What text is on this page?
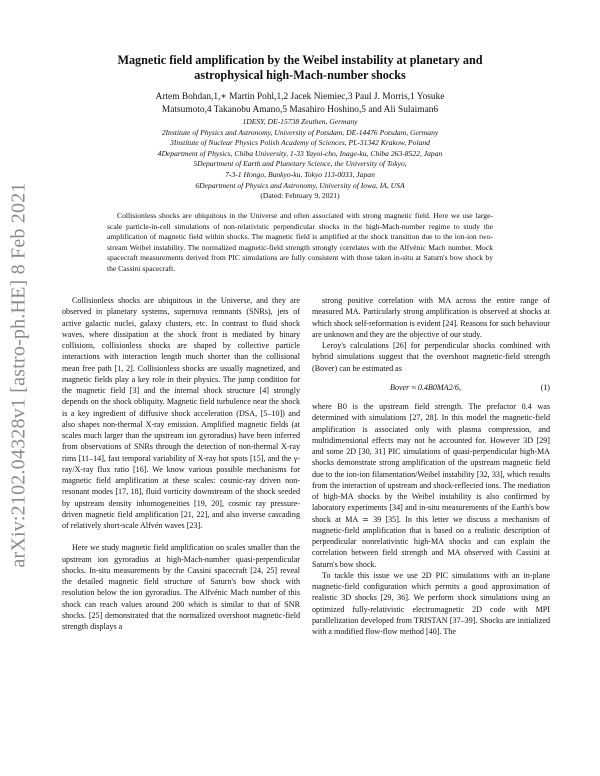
arXiv:2102.04328v1 [astro-ph.HE] 8 Feb 2021
Magnetic field amplification by the Weibel instability at planetary and astrophysical high-Mach-number shocks
Artem Bohdan,1,∗ Martin Pohl,1,2 Jacek Niemiec,3 Paul J. Morris,1 Yosuke
Matsumoto,4 Takanobu Amano,5 Masahiro Hoshino,5 and Ali Sulaiman6
1DESY, DE-15738 Zeuthen, Germany
2Institute of Physics and Astronomy, University of Potsdam, DE-14476 Potsdam, Germany
3Institute of Nuclear Physics Polish Academy of Sciences, PL-31342 Krakow, Poland
4Department of Physics, Chiba University, 1-33 Yayoi-cho, Inage-ku, Chiba 263-8522, Japan
5Department of Earth and Planetary Science, the University of Tokyo,
7-3-1 Hongo, Bunkyo-ku, Tokyo 113-0033, Japan
6Department of Physics and Astronomy, University of Iowa, IA, USA
(Dated: February 9, 2021)

Collisionless shocks are ubiquitous in the Universe and often associated with strong magnetic field. Here we use large-scale particle-in-cell simulations of non-relativistic perpendicular shocks in the high-Mach-number regime to study the amplification of magnetic field within shocks. The magnetic field is amplified at the shock transition due to the ion-ion two-stream Weibel instability. The normalized magnetic-field strength strongly correlates with the Alfvénic Mach number. Mock spacecraft measurements derived from PIC simulations are fully consistent with those taken in-situ at Saturn's bow shock by the Cassini spacecraft.

Collisionless shocks are ubiquitous in the Universe, and they are observed in planetary systems, supernova remnants (SNRs), jets of active galactic nuclei, galaxy clusters, etc. In contrast to fluid shock waves, where dissipation at the shock front is mediated by binary collisions, collisionless shocks are shaped by collective particle interactions with interaction length much shorter than the collisional mean free path [1, 2]. Collisionless shocks are usually magnetized, and magnetic fields play a key role in their physics. The jump condition for the magnetic field [3] and the internal shock structure [4] strongly depends on the shock obliquity. Magnetic field turbulence near the shock is a key ingredient of diffusive shock acceleration (DSA, [5–10]) and also shapes non-thermal X-ray emission. Amplified magnetic fields (at scales much larger than the upstream ion gyroradius) have been inferred from observations of SNRs through the detection of non-thermal X-ray rims [11–14], fast temporal variability of X-ray hot spots [15], and the γ-ray/X-ray flux ratio [16]. We know various possible mechanisms for magnetic field amplification at these scales: cosmic-ray driven non-resonant modes [17, 18], fluid vorticity downstream of the shock seeded by upstream density inhomogeneities [19, 20], cosmic ray pressure-driven magnetic field amplification [21, 22], and also inverse cascading of relatively short-scale Alfvén waves [23].

Here we study magnetic field amplification on scales smaller than the upstream ion gyroradius at high-Mach-number quasi-perpendicular shocks. In-situ measurements by the Cassini spacecraft [24, 25] reveal the detailed magnetic field structure of Saturn's bow shock with resolution below the ion gyroradius. The Alfvénic Mach number of this shock can reach values around 200 which is similar to that of SNR shocks. [25] demonstrated that the normalized overshoot magnetic-field strength displays a

strong positive correlation with MA across the entire range of measured MA. Particularly strong amplification is observed at shocks at which shock self-reformation is evident [24]. Reasons for such behaviour are unknown and they are the objective of our study.

Leroy's calculations [26] for perpendicular shocks combined with hybrid simulations suggest that the overshoot magnetic-field strength (Bover) can be estimated as

Bover ≈ 0.4B0MA2/6,	(1)

where B0 is the upstream field strength. The prefactor 0.4 was determined with simulations [27, 28]. In this model the magnetic-field amplification is associated only with plasma compression, and multidimensional effects may not be accounted for. However 3D [29] and some 2D [30, 31] PIC simulations of quasi-perpendicular high-MA shocks demonstrate strong amplification of the upstream magnetic field due to the ion-ion filamentation/Weibel instability [32, 33], which results from the interaction of upstream and shock-reflected ions. The mediation of high-MA shocks by the Weibel instability is also confirmed by laboratory experiments [34] and in-situ measurements of the Earth's bow shock at MA ≃ 39 [35]. In this letter we discuss a mechanism of magnetic-field amplification that is based on a realistic description of perpendicular nonrelativistic high-MA shocks and can explain the correlation between field strength and MA observed with Cassini at Saturn's bow shock.

To tackle this issue we use 2D PIC simulations with an in-plane magnetic-field configuration which permits a good approximation of realistic 3D shocks [29, 36]. We perform shock simulations using an optimized fully-relativistic electromagnetic 2D code with MPI parallelization developed from TRISTAN [37–39]. Shocks are initialized with a modified flow-flow method [40]. The
